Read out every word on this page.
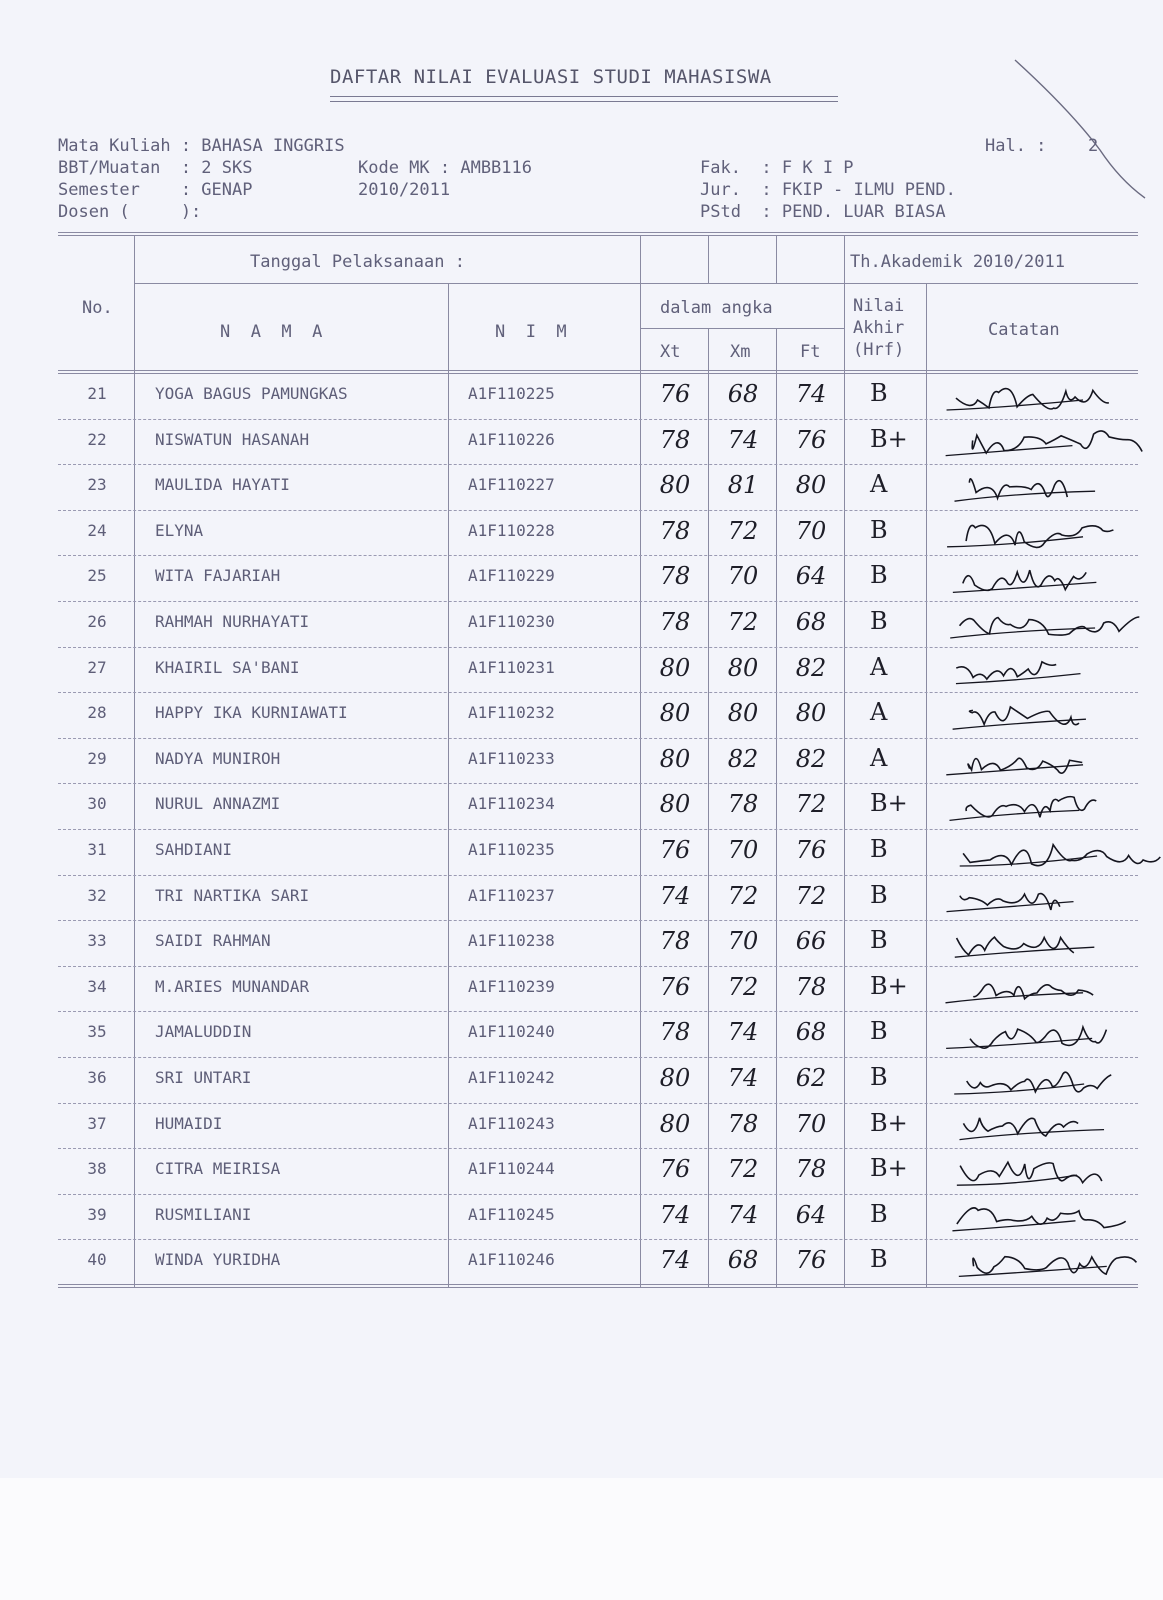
DAFTAR NILAI EVALUASI STUDI MAHASISWA
Mata Kuliah : BAHASA INGGRIS	Hal. : 2
BBT/Muatan  : 2 SKS	Kode MK : AMBB116	Fak.  : F K I P
Semester    : GENAP	2010/2011	Jur.  : FKIP - ILMU PEND.
Dosen (     ):	PStd  : PEND. LUAR BIASA
Tanggal Pelaksanaan :	Th.Akademik 2010/2011
No.
N  A  M  A	N  I  M
dalam angka	Nilai
Akhir
(Hrf)
Xt	Xm	Ft
Catatan
21	YOGA BAGUS PAMUNGKAS	A1F110225	76	68	74	B
22	NISWATUN HASANAH	A1F110226	78	74	76	B+
23	MAULIDA HAYATI	A1F110227	80	81	80	A
24	ELYNA	A1F110228	78	72	70	B
25	WITA FAJARIAH	A1F110229	78	70	64	B
26	RAHMAH NURHAYATI	A1F110230	78	72	68	B
27	KHAIRIL SA'BANI	A1F110231	80	80	82	A
28	HAPPY IKA KURNIAWATI	A1F110232	80	80	80	A
29	NADYA MUNIROH	A1F110233	80	82	82	A
30	NURUL ANNAZMI	A1F110234	80	78	72	B+
31	SAHDIANI	A1F110235	76	70	76	B
32	TRI NARTIKA SARI	A1F110237	74	72	72	B
33	SAIDI RAHMAN	A1F110238	78	70	66	B
34	M.ARIES MUNANDAR	A1F110239	76	72	78	B+
35	JAMALUDDIN	A1F110240	78	74	68	B
36	SRI UNTARI	A1F110242	80	74	62	B
37	HUMAIDI	A1F110243	80	78	70	B+
38	CITRA MEIRISA	A1F110244	76	72	78	B+
39	RUSMILIANI	A1F110245	74	74	64	B
40	WINDA YURIDHA	A1F110246	74	68	76	B
